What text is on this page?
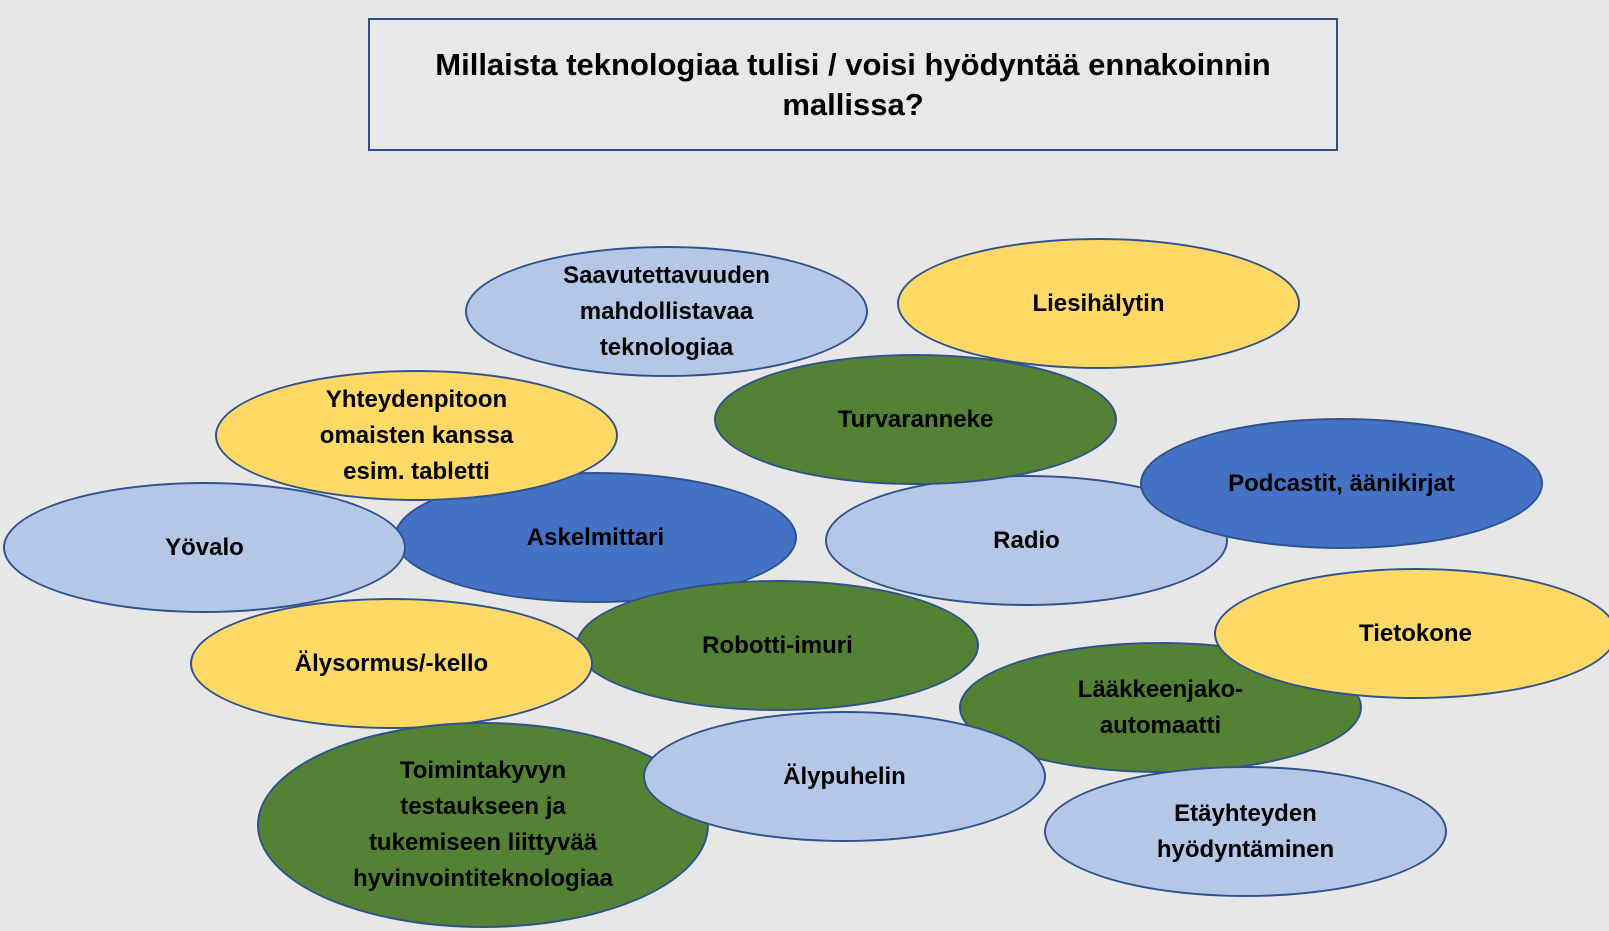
Millaista teknologiaa tulisi / voisi hyödyntää ennakoinnin
mallissa?
Saavutettavuuden
mahdollistavaa
teknologiaa
Liesihälytin
Radio
Turvaranneke
Podcastit, äänikirjat
Askelmittari
Yhteydenpitoon
omaisten kanssa
esim. tabletti
Yövalo
Lääkkeenjako-
automaatti
Tietokone
Robotti-imuri
Älysormus/-kello
Toimintakyvyn
testaukseen ja
tukemiseen liittyvää
hyvinvointiteknologiaa
Älypuhelin
Etäyhteyden
hyödyntäminen
